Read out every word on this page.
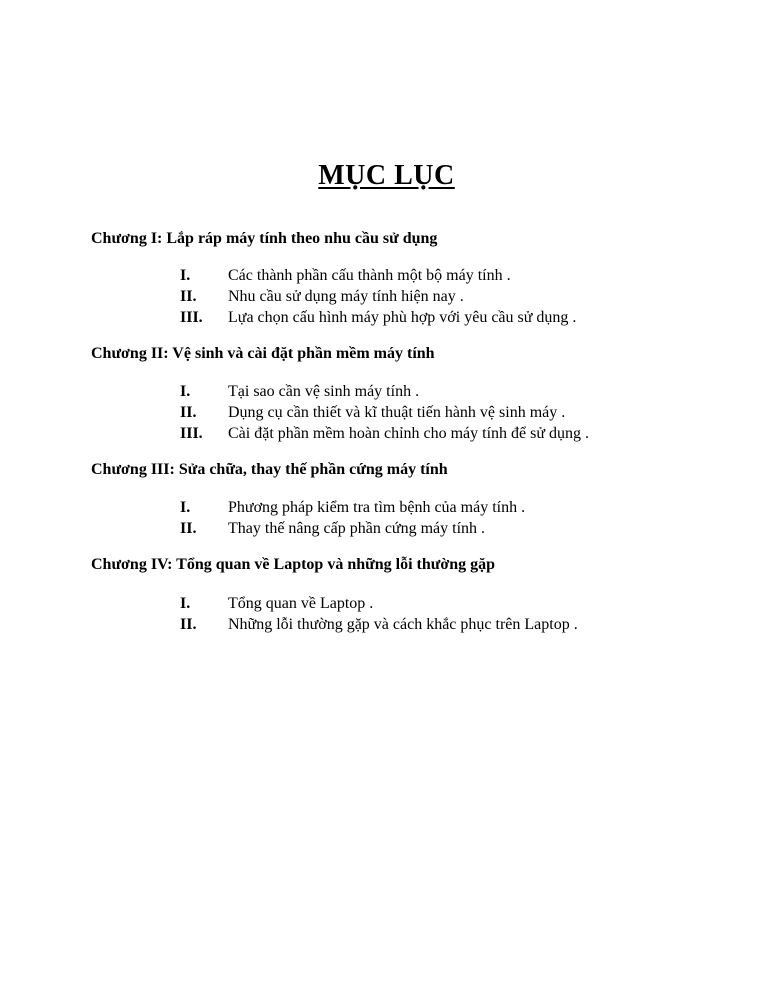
MỤC LỤC
Chương I: Lắp ráp máy tính theo nhu cầu sử dụng
I. Các thành phần cấu thành một bộ máy tính .
II. Nhu cầu sử dụng máy tính hiện nay .
III. Lựa chọn cấu hình máy phù hợp với yêu cầu sử dụng .
Chương II: Vệ sinh và cài đặt phần mềm máy tính
I. Tại sao cần vệ sinh máy tính .
II. Dụng cụ cần thiết và kĩ thuật tiến hành vệ sinh máy .
III. Cài đặt phần mềm hoàn chỉnh cho máy tính để sử dụng .
Chương III: Sửa chữa, thay thế phần cứng máy tính
I. Phương pháp kiểm tra tìm bệnh của máy tính .
II. Thay thế nâng cấp phần cứng máy tính .
Chương IV: Tổng quan về Laptop và những lỗi thường gặp
I. Tổng quan về Laptop .
II. Những lỗi thường gặp và cách khắc phục trên Laptop .
